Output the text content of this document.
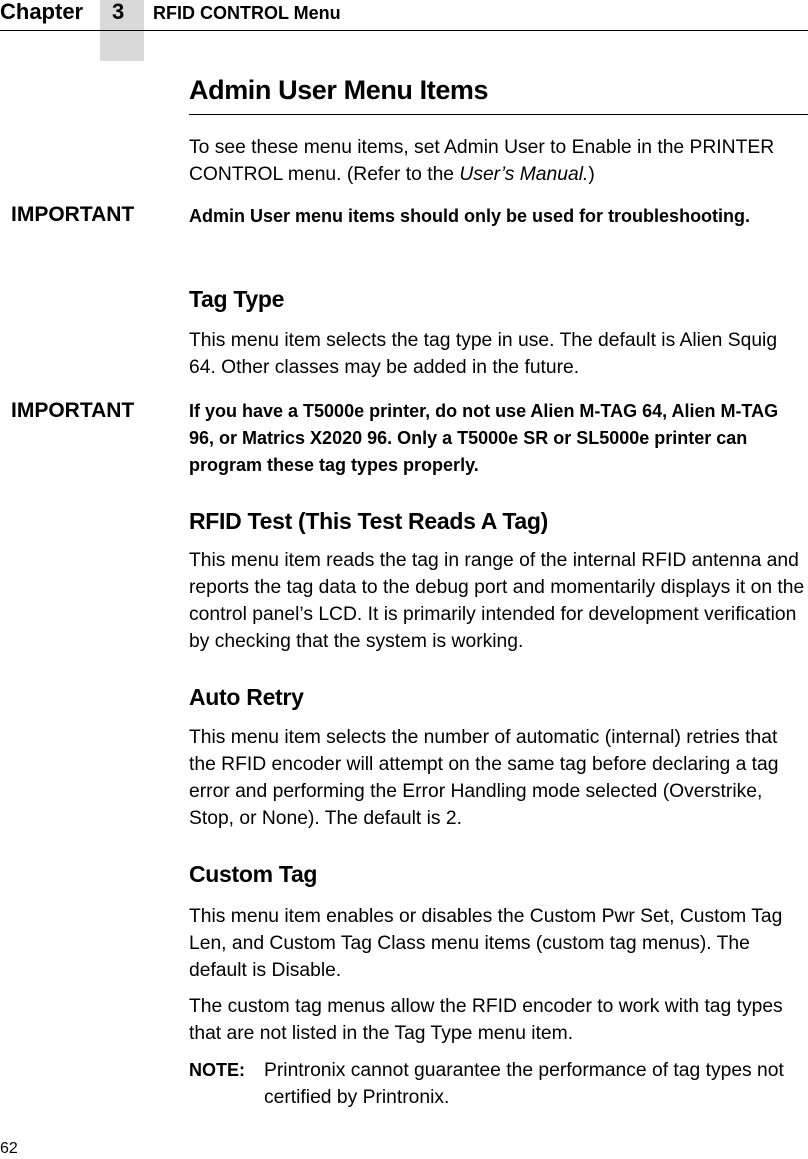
Chapter 3 RFID CONTROL Menu
Admin User Menu Items
To see these menu items, set Admin User to Enable in the PRINTER CONTROL menu. (Refer to the User’s Manual.)
IMPORTANT	Admin User menu items should only be used for troubleshooting.
Tag Type
This menu item selects the tag type in use. The default is Alien Squig 64. Other classes may be added in the future.
IMPORTANT	If you have a T5000e printer, do not use Alien M-TAG 64, Alien M-TAG 96, or Matrics X2020 96. Only a T5000e SR or SL5000e printer can program these tag types properly.
RFID Test (This Test Reads A Tag)
This menu item reads the tag in range of the internal RFID antenna and reports the tag data to the debug port and momentarily displays it on the control panel’s LCD. It is primarily intended for development verification by checking that the system is working.
Auto Retry
This menu item selects the number of automatic (internal) retries that the RFID encoder will attempt on the same tag before declaring a tag error and performing the Error Handling mode selected (Overstrike, Stop, or None). The default is 2.
Custom Tag
This menu item enables or disables the Custom Pwr Set, Custom Tag Len, and Custom Tag Class menu items (custom tag menus). The default is Disable.
The custom tag menus allow the RFID encoder to work with tag types that are not listed in the Tag Type menu item.
NOTE: Printronix cannot guarantee the performance of tag types not certified by Printronix.
62
